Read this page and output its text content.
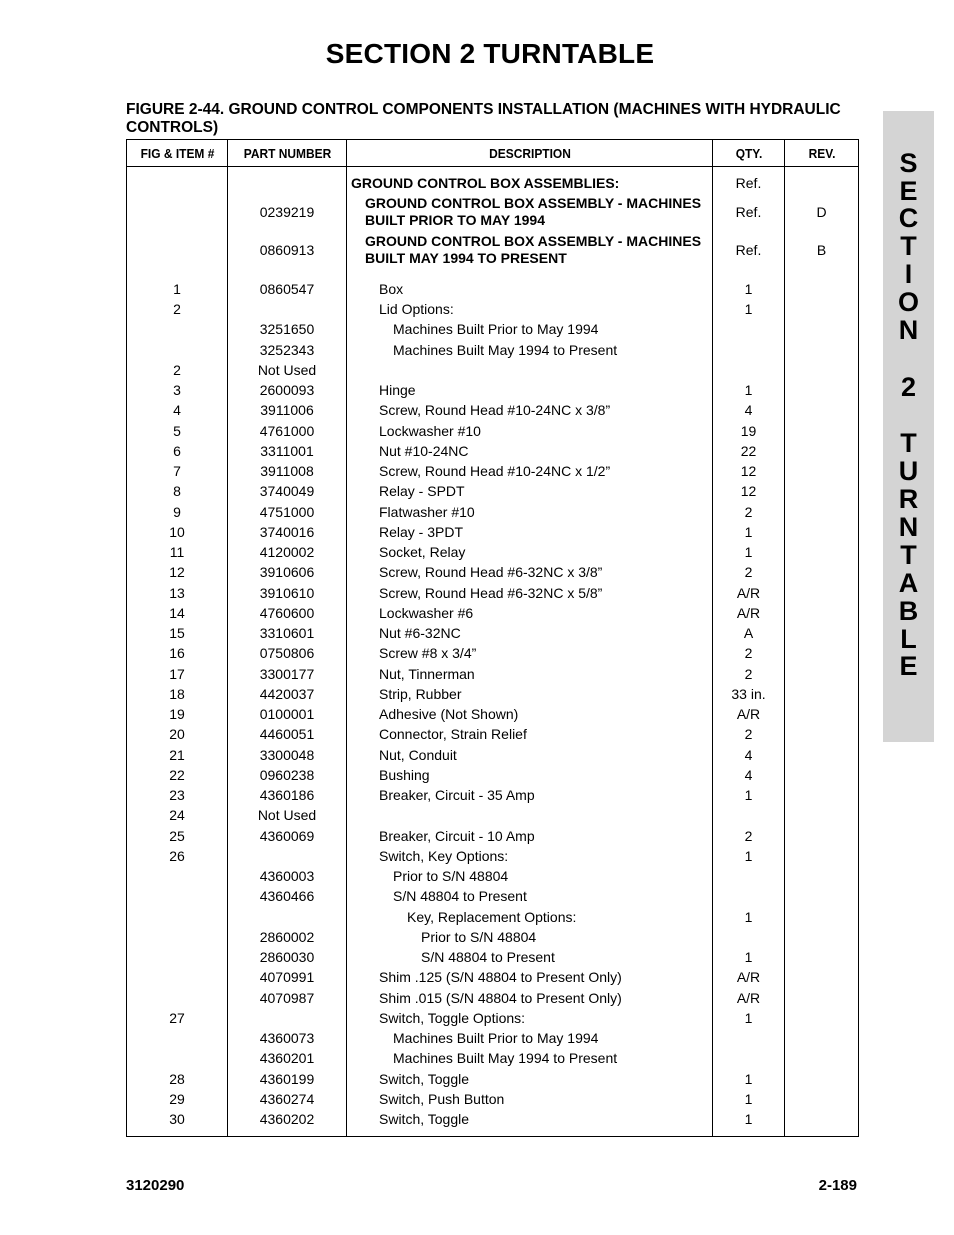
SECTION 2 TURNTABLE
FIGURE 2-44. GROUND CONTROL COMPONENTS INSTALLATION (MACHINES WITH HYDRAULIC CONTROLS)
S
E
C
T
I
O
N
2
T
U
R
N
T
A
B
L
E
FIG & ITEM #	PART NUMBER	DESCRIPTION	QTY.	REV.

		GROUND CONTROL BOX ASSEMBLIES:	Ref.	
	0239219	GROUND CONTROL BOX ASSEMBLY - MACHINES BUILT PRIOR TO MAY 1994	Ref.	D
	0860913	GROUND CONTROL BOX ASSEMBLY - MACHINES BUILT MAY 1994 TO PRESENT	Ref.	B

1	0860547	Box	1	
2		Lid Options:	1	
	3251650	Machines Built Prior to May 1994		
	3252343	Machines Built May 1994 to Present		
2	Not Used			
3	2600093	Hinge	1	
4	3911006	Screw, Round Head #10-24NC x 3/8”	4	
5	4761000	Lockwasher #10	19	
6	3311001	Nut #10-24NC	22	
7	3911008	Screw, Round Head #10-24NC x 1/2”	12	
8	3740049	Relay - SPDT	12	
9	4751000	Flatwasher #10	2	
10	3740016	Relay - 3PDT	1	
11	4120002	Socket, Relay	1	
12	3910606	Screw, Round Head #6-32NC x 3/8”	2	
13	3910610	Screw, Round Head #6-32NC x 5/8”	A/R	
14	4760600	Lockwasher #6	A/R	
15	3310601	Nut #6-32NC	A	
16	0750806	Screw #8 x 3/4”	2	
17	3300177	Nut, Tinnerman	2	
18	4420037	Strip, Rubber	33 in.	
19	0100001	Adhesive (Not Shown)	A/R	
20	4460051	Connector, Strain Relief	2	
21	3300048	Nut, Conduit	4	
22	0960238	Bushing	4	
23	4360186	Breaker, Circuit - 35 Amp	1	
24	Not Used			
25	4360069	Breaker, Circuit - 10 Amp	2	
26		Switch, Key Options:	1	
	4360003	Prior to S/N 48804		
	4360466	S/N 48804 to Present		
		Key, Replacement Options:	1	
	2860002	Prior to S/N 48804		
	2860030	S/N 48804 to Present	1	
	4070991	Shim .125 (S/N 48804 to Present Only)	A/R	
	4070987	Shim .015 (S/N 48804 to Present Only)	A/R	
27		Switch, Toggle Options:	1	
	4360073	Machines Built Prior to May 1994		
	4360201	Machines Built May 1994 to Present		
28	4360199	Switch, Toggle	1	
29	4360274	Switch, Push Button	1	
30	4360202	Switch, Toggle	1	

3120290	2-189
